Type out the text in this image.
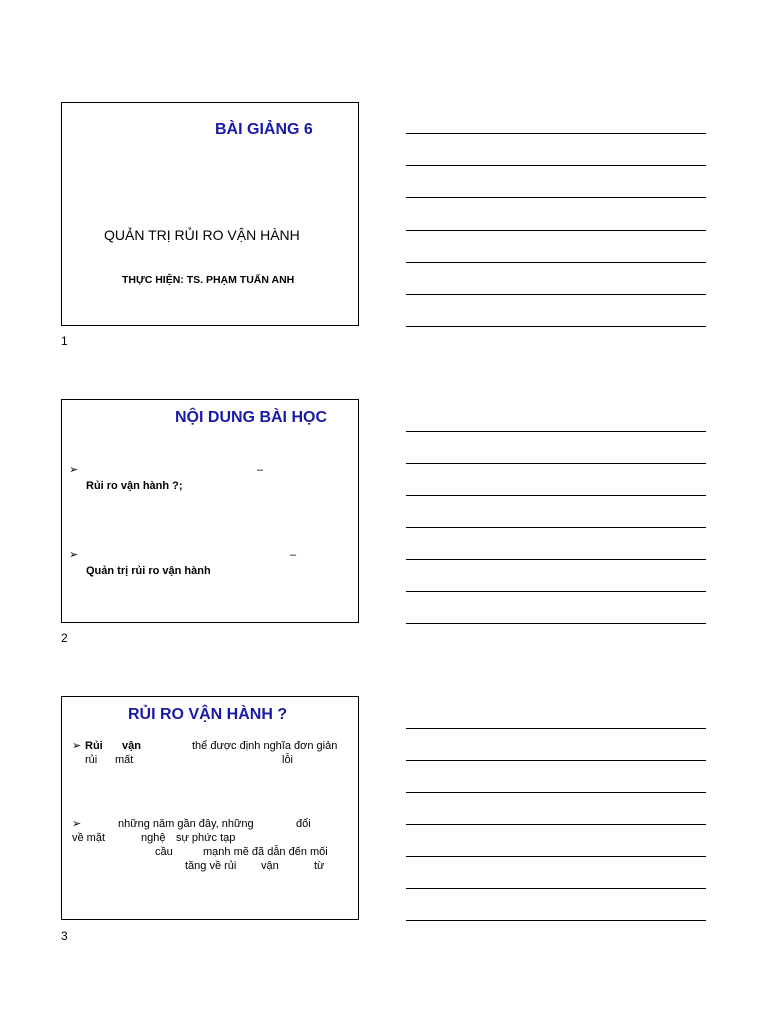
BÀI GIẢNG 6
QUẢN TRỊ RỦI RO VẬN HÀNH
THỰC HIỆN: TS. PHẠM TUẤN ANH
1
NỘI DUNG BÀI HỌC
➢	–
Rủi ro vận hành ?;
➢	–
Quản trị rủi ro vận hành
2
RỦI RO VẬN HÀNH ?
➢ Rủi vận	thể được định nghĩa đơn giản
rủi mất	lỗi
➢	những năm gần đây, những	đổi
về mặt	nghệ sự phức tạp
cầu	mạnh mẽ đã dẫn đến mối
tăng về rủi vận	từ
3
